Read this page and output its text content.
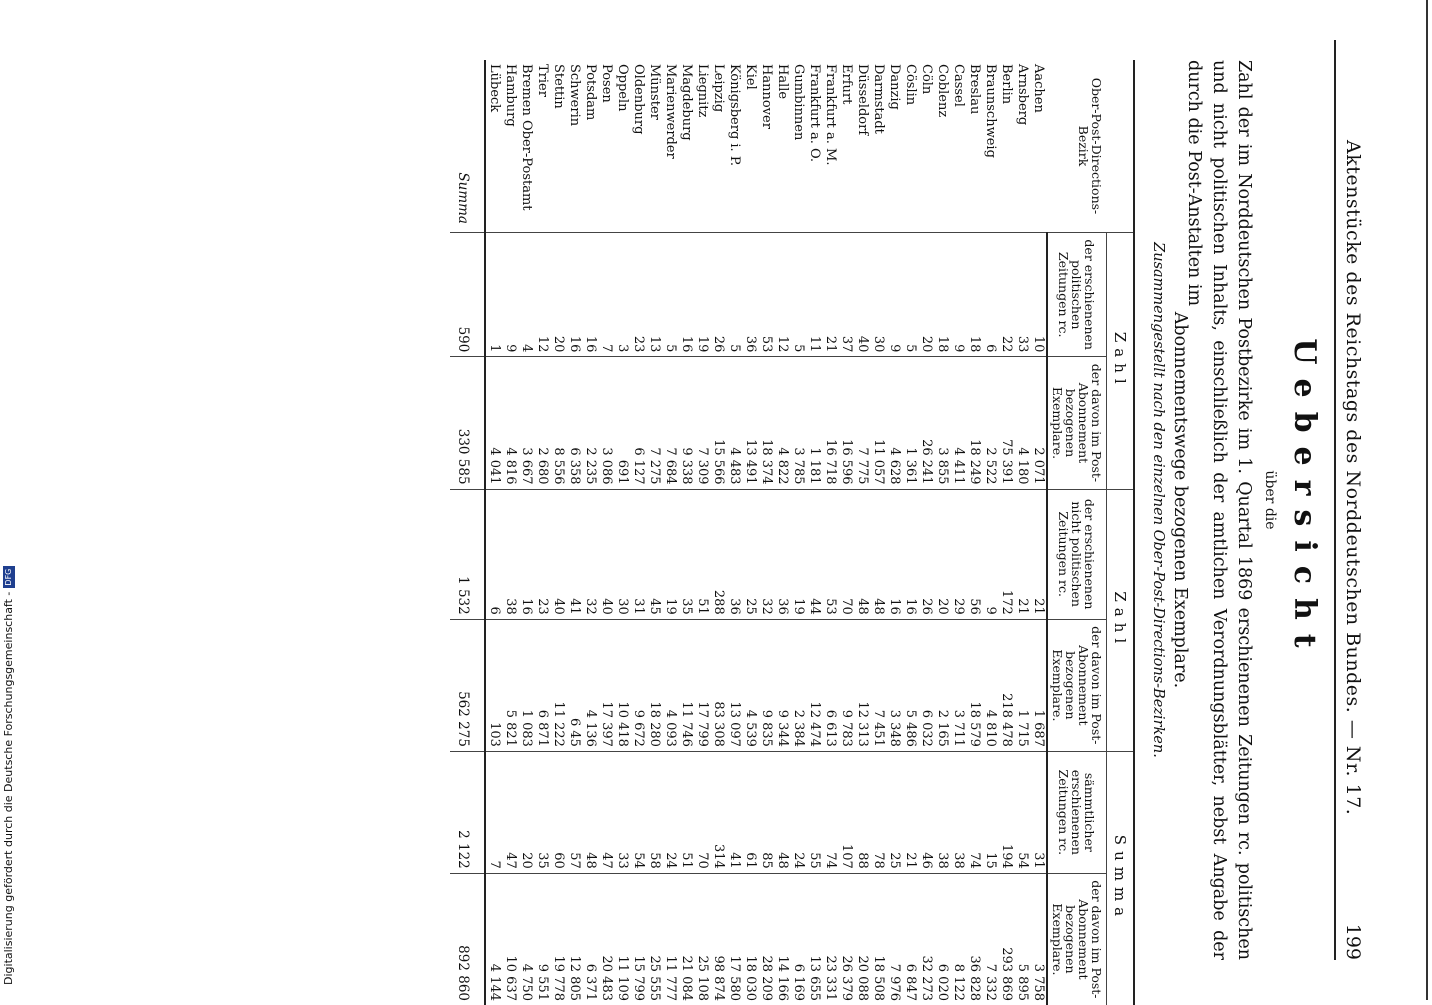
Aktenstücke des Reichstags des Norddeutschen Bundes. — Nr. 17.
199
Uebersicht
über die
Zahl der im Norddeutschen Postbezirke im 1. Quartal 1869 erschienenen Zeitungen rc. politischen und nicht politischen Inhalts, einschließlich der amtlichen Verordnungsblätter, nebst Angabe der durch die Post-Anstalten im
Abonnementswege bezogenen Exemplare.
Zusammengestellt nach den einzelnen Ober-Post-Directions-Bezirken.
Ober-Post-Directions-Bezirk	Zahl		Zahl		Summa	
	der erschienenen politischen Zeitungen rc.	der davon im Post-Abonnement bezogenen Exemplare.	der erschienenen nicht politischen Zeitungen rc.	der davon im Post-Abonnement bezogenen Exemplare.	sämmtlicher erschienenen Zeitungen rc.	der davon im Post-Abonnement bezogenen Exemplare.
Aachen	10	2 071	21	1 687	31	3 758
Arnsberg	33	4 180	21	1 715	54	5 895
Berlin	22	75 391	172	218 478	194	293 869
Braunschweig	6	2 522	9	4 810	15	7 332
Breslau	18	18 249	56	18 579	74	36 828
Cassel	9	4 411	29	3 711	38	8 122
Coblenz	18	3 855	20	2 165	38	6 020
Cöln	20	26 241	26	6 032	46	32 273
Cöslin	5	1 361	16	5 486	21	6 847
Danzig	9	4 628	16	3 348	25	7 976
Darmstadt	30	11 057	48	7 451	78	18 508
Düsseldorf	40	7 775	48	12 313	88	20 088
Erfurt	37	16 596	70	9 783	107	26 379
Frankfurt a. M.	21	16 718	53	6 613	74	23 331
Frankfurt a. O.	11	1 181	44	12 474	55	13 655
Gumbinnen	5	3 785	19	2 384	24	6 169
Halle	12	4 822	36	9 344	48	14 166
Hannover	53	18 374	32	9 835	85	28 209
Kiel	36	13 491	25	4 539	61	18 030
Königsberg i. P.	5	4 483	36	13 097	41	17 580
Leipzig	26	15 566	288	83 308	314	98 874
Liegnitz	19	7 309	51	17 799	70	25 108
Magdeburg	16	9 338	35	11 746	51	21 084
Marienwerder	5	7 684	19	4 093	24	11 777
Münster	13	7 275	45	18 280	58	25 555
Oldenburg	23	6 127	31	9 672	54	15 799
Oppeln	3	691	30	10 418	33	11 109
Posen	7	3 086	40	17 397	47	20 483
Potsdam	16	2 235	32	4 136	48	6 371
Schwerin	16	6 358	41	6 45	57	12 805
Stettin	20	8 556	40	11 222	60	19 778
Trier	12	2 680	23	6 871	35	9 551
Bremen Ober-Postamt	4	3 667	16	1 083	20	4 750
Hamburg	9	4 816	38	5 821	47	10 637
Lübeck	1	4 041	6	103	7	4 144
Summa	590	330 585	1 532	562 275	2 122	892 860
Digitalisierung gefördert durch die Deutsche Forschungsgemeinschaft - DFG
